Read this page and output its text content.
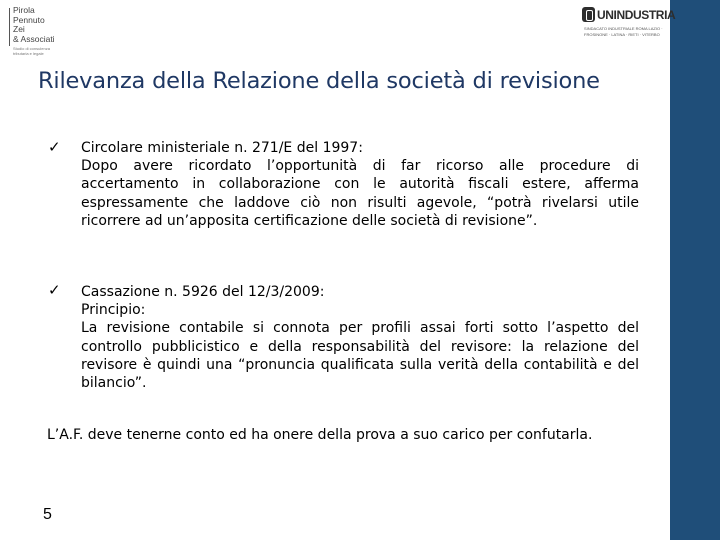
Pirola
Pennuto
Zei
& Associati
Studio di consulenza
tributaria e legale
UNINDUSTRIA
SINDACATO INDUSTRIALE ROMA LAZIO · FROSINONE · LATINA · RIETI · VITERBO
Rilevanza della Relazione della società di revisione
✓ Circolare ministeriale n. 271/E del 1997:

Dopo avere ricordato l’opportunità di far ricorso alle procedure di accertamento in collaborazione con le autorità fiscali estere, afferma espressamente che laddove ciò non risulti agevole, “potrà rivelarsi utile ricorrere ad un’apposita certificazione delle società di revisione”.

✓ Cassazione n. 5926 del 12/3/2009:

Principio:

La revisione contabile si connota per profili assai forti sotto l’aspetto del controllo pubblicistico e della responsabilità del revisore: la relazione del revisore è quindi una “pronuncia qualificata sulla verità della contabilità e del bilancio”.

L’A.F. deve tenerne conto ed ha onere della prova a suo carico per confutarla.
5
